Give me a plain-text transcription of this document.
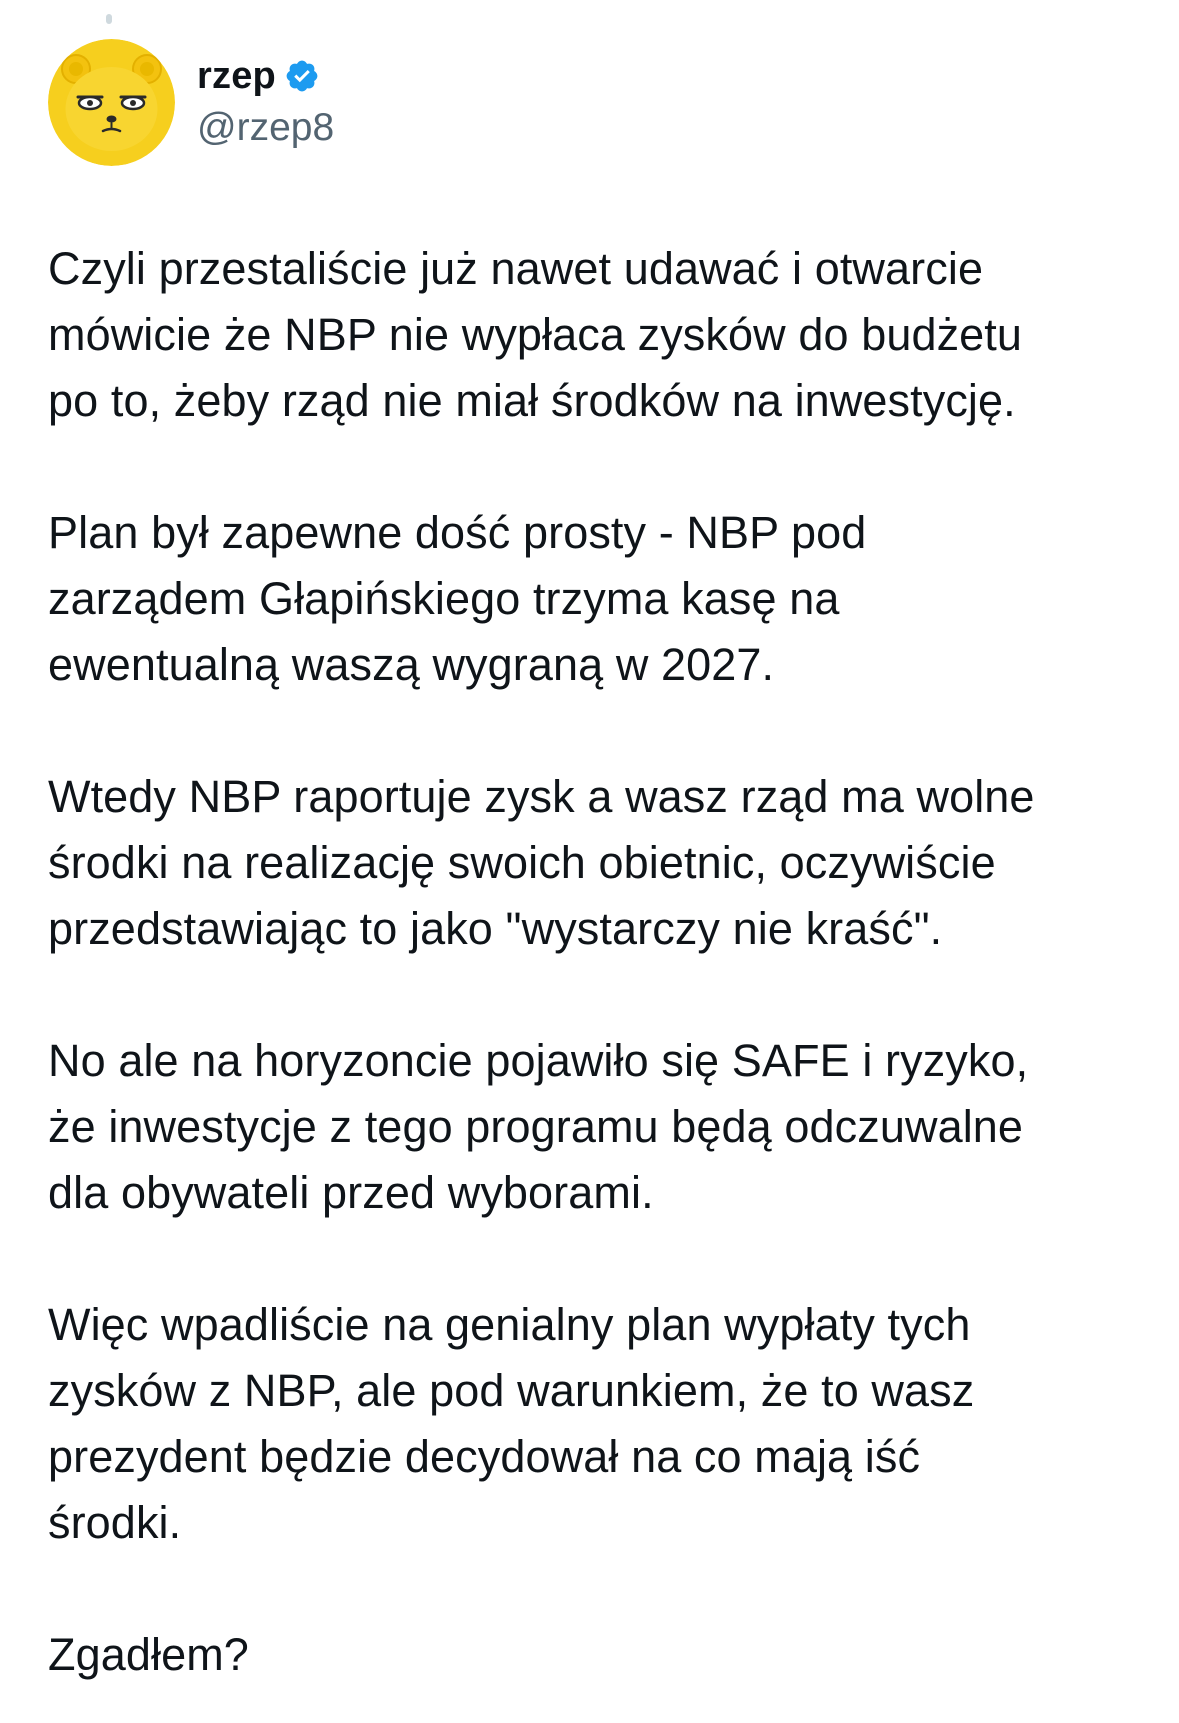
rzep
@rzep8

Czyli przestaliście już nawet udawać i otwarcie
mówicie że NBP nie wypłaca zysków do budżetu
po to, żeby rząd nie miał środków na inwestycję.

Plan był zapewne dość prosty - NBP pod
zarządem Głapińskiego trzyma kasę na
ewentualną waszą wygraną w 2027.

Wtedy NBP raportuje zysk a wasz rząd ma wolne
środki na realizację swoich obietnic, oczywiście
przedstawiając to jako "wystarczy nie kraść".

No ale na horyzoncie pojawiło się SAFE i ryzyko,
że inwestycje z tego programu będą odczuwalne
dla obywateli przed wyborami.

Więc wpadliście na genialny plan wypłaty tych
zysków z NBP, ale pod warunkiem, że to wasz
prezydent będzie decydował na co mają iść
środki.

Zgadłem?
